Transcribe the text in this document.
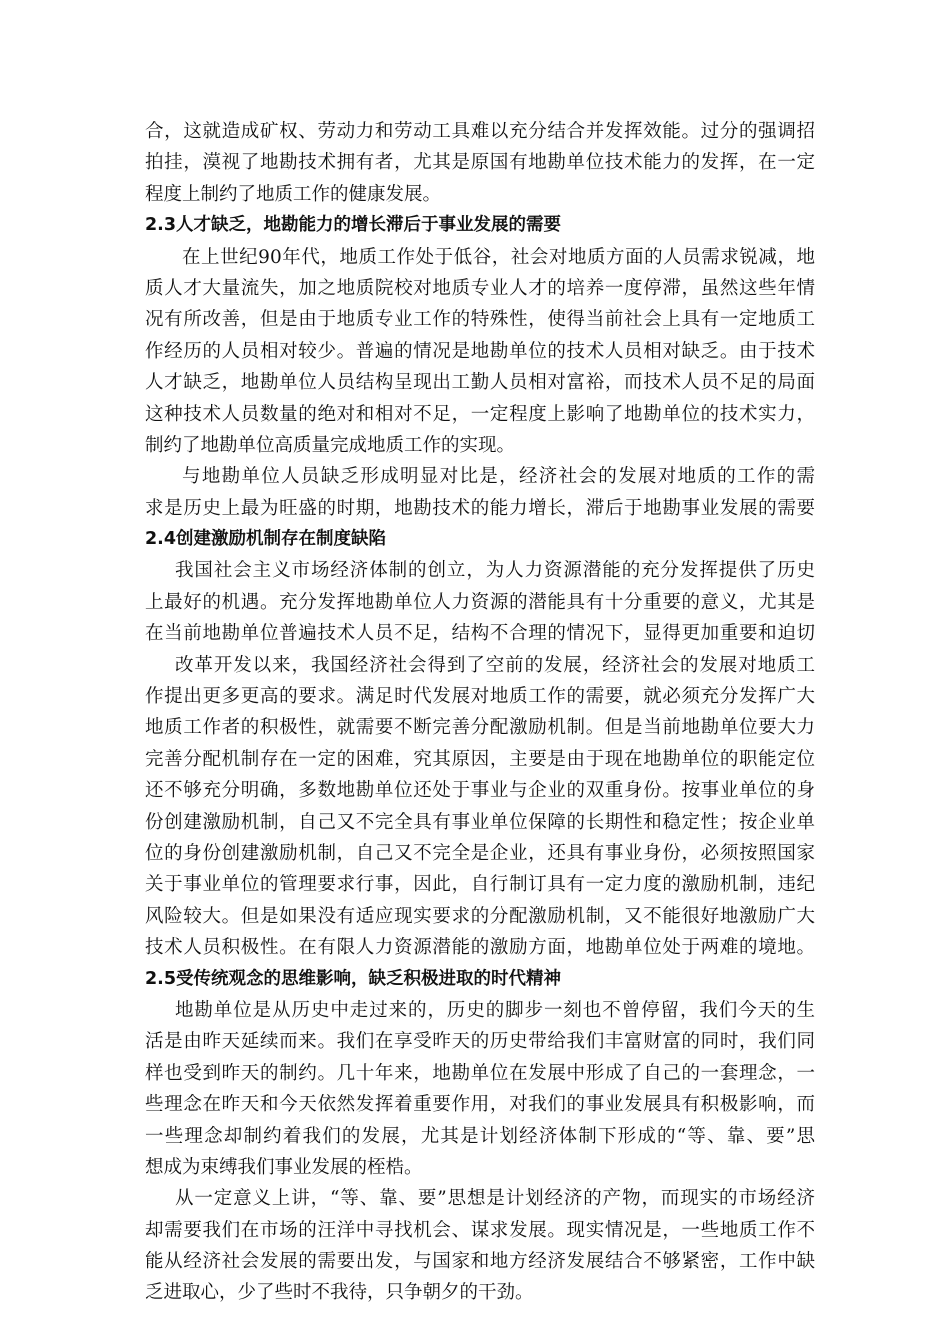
合，这就造成矿权、劳动力和劳动工具难以充分结合并发挥效能。过分的强调招
拍挂，漠视了地勘技术拥有者，尤其是原国有地勘单位技术能力的发挥，在一定
程度上制约了地质工作的健康发展。
2.3人才缺乏，地勘能力的增长滞后于事业发展的需要
在上世纪90年代，地质工作处于低谷，社会对地质方面的人员需求锐减，地
质人才大量流失，加之地质院校对地质专业人才的培养一度停滞，虽然这些年情
况有所改善，但是由于地质专业工作的特殊性，使得当前社会上具有一定地质工
作经历的人员相对较少。普遍的情况是地勘单位的技术人员相对缺乏。由于技术
人才缺乏，地勘单位人员结构呈现出工勤人员相对富裕，而技术人员不足的局面
这种技术人员数量的绝对和相对不足，一定程度上影响了地勘单位的技术实力，
制约了地勘单位高质量完成地质工作的实现。
与地勘单位人员缺乏形成明显对比是，经济社会的发展对地质的工作的需
求是历史上最为旺盛的时期，地勘技术的能力增长，滞后于地勘事业发展的需要
2.4创建激励机制存在制度缺陷
我国社会主义市场经济体制的创立，为人力资源潜能的充分发挥提供了历史
上最好的机遇。充分发挥地勘单位人力资源的潜能具有十分重要的意义，尤其是
在当前地勘单位普遍技术人员不足，结构不合理的情况下，显得更加重要和迫切
改革开发以来，我国经济社会得到了空前的发展，经济社会的发展对地质工
作提出更多更高的要求。满足时代发展对地质工作的需要，就必须充分发挥广大
地质工作者的积极性，就需要不断完善分配激励机制。但是当前地勘单位要大力
完善分配机制存在一定的困难，究其原因，主要是由于现在地勘单位的职能定位
还不够充分明确，多数地勘单位还处于事业与企业的双重身份。按事业单位的身
份创建激励机制，自己又不完全具有事业单位保障的长期性和稳定性；按企业单
位的身份创建激励机制，自己又不完全是企业，还具有事业身份，必须按照国家
关于事业单位的管理要求行事，因此，自行制订具有一定力度的激励机制，违纪
风险较大。但是如果没有适应现实要求的分配激励机制，又不能很好地激励广大
技术人员积极性。在有限人力资源潜能的激励方面，地勘单位处于两难的境地。
2.5受传统观念的思维影响，缺乏积极进取的时代精神
地勘单位是从历史中走过来的，历史的脚步一刻也不曾停留，我们今天的生
活是由昨天延续而来。我们在享受昨天的历史带给我们丰富财富的同时，我们同
样也受到昨天的制约。几十年来，地勘单位在发展中形成了自己的一套理念，一
些理念在昨天和今天依然发挥着重要作用，对我们的事业发展具有积极影响，而
一些理念却制约着我们的发展，尤其是计划经济体制下形成的“等、靠、要”思
想成为束缚我们事业发展的桎梏。
从一定意义上讲，“等、靠、要”思想是计划经济的产物，而现实的市场经济
却需要我们在市场的汪洋中寻找机会、谋求发展。现实情况是，一些地质工作不
能从经济社会发展的需要出发，与国家和地方经济发展结合不够紧密，工作中缺
乏进取心，少了些时不我待，只争朝夕的干劲。
